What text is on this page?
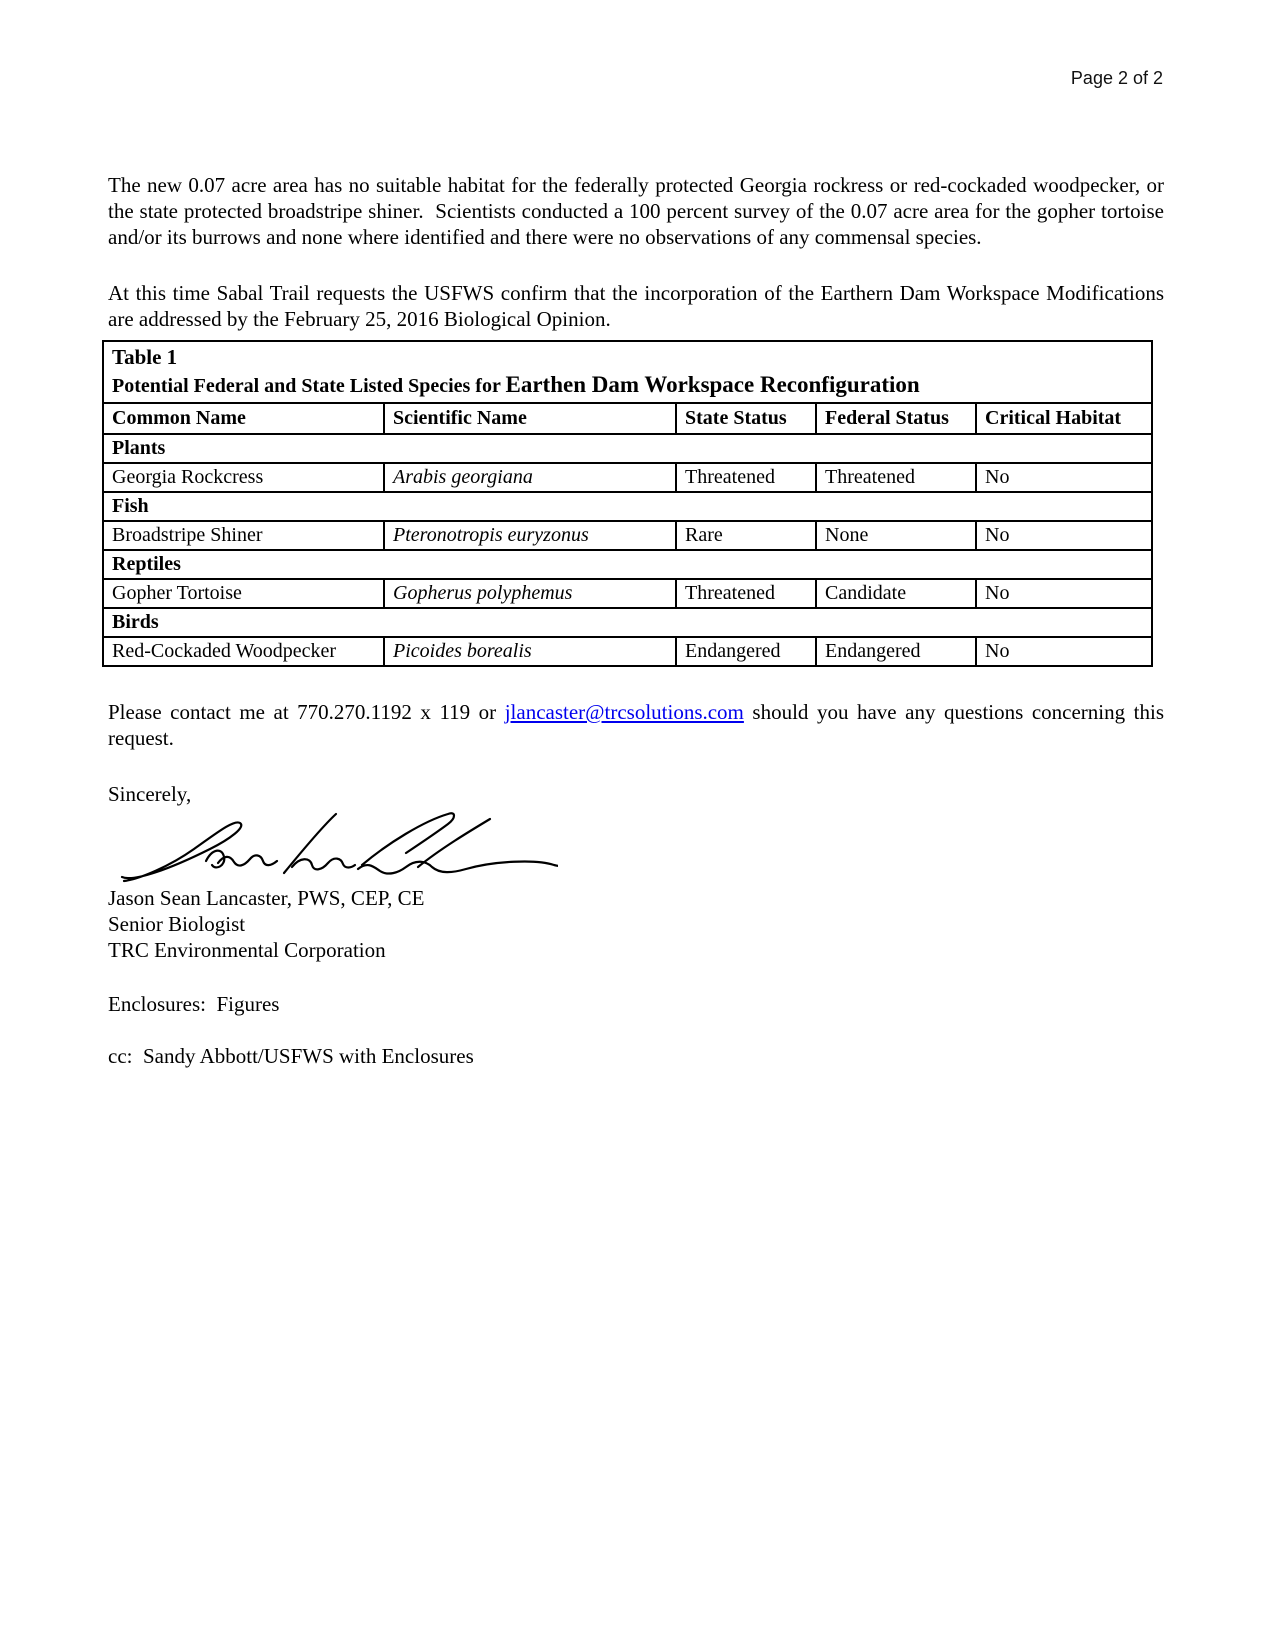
Page 2 of 2

The new 0.07 acre area has no suitable habitat for the federally protected Georgia rockress or red-cockaded woodpecker, or the state protected broadstripe shiner.  Scientists conducted a 100 percent survey of the 0.07 acre area for the gopher tortoise and/or its burrows and none where identified and there were no observations of any commensal species.

At this time Sabal Trail requests the USFWS confirm that the incorporation of the Earthern Dam Workspace Modifications are addressed by the February 25, 2016 Biological Opinion.

Table 1
Potential Federal and State Listed Species for Earthen Dam Workspace Reconfiguration				

Common Name	Scientific Name	State Status	Federal Status	Critical Habitat
Plants				
Georgia Rockcress	Arabis georgiana	Threatened	Threatened	No
Fish				
Broadstripe Shiner	Pteronotropis euryzonus	Rare	None	No
Reptiles				
Gopher Tortoise	Gopherus polyphemus	Threatened	Candidate	No
Birds				
Red-Cockaded Woodpecker	Picoides borealis	Endangered	Endangered	No

Please contact me at 770.270.1192 x 119 or jlancaster@trcsolutions.com should you have any questions concerning this request.

Sincerely,
Jason Sean Lancaster, PWS, CEP, CE
Senior Biologist
TRC Environmental Corporation
Enclosures:  Figures
cc:  Sandy Abbott/USFWS with Enclosures
